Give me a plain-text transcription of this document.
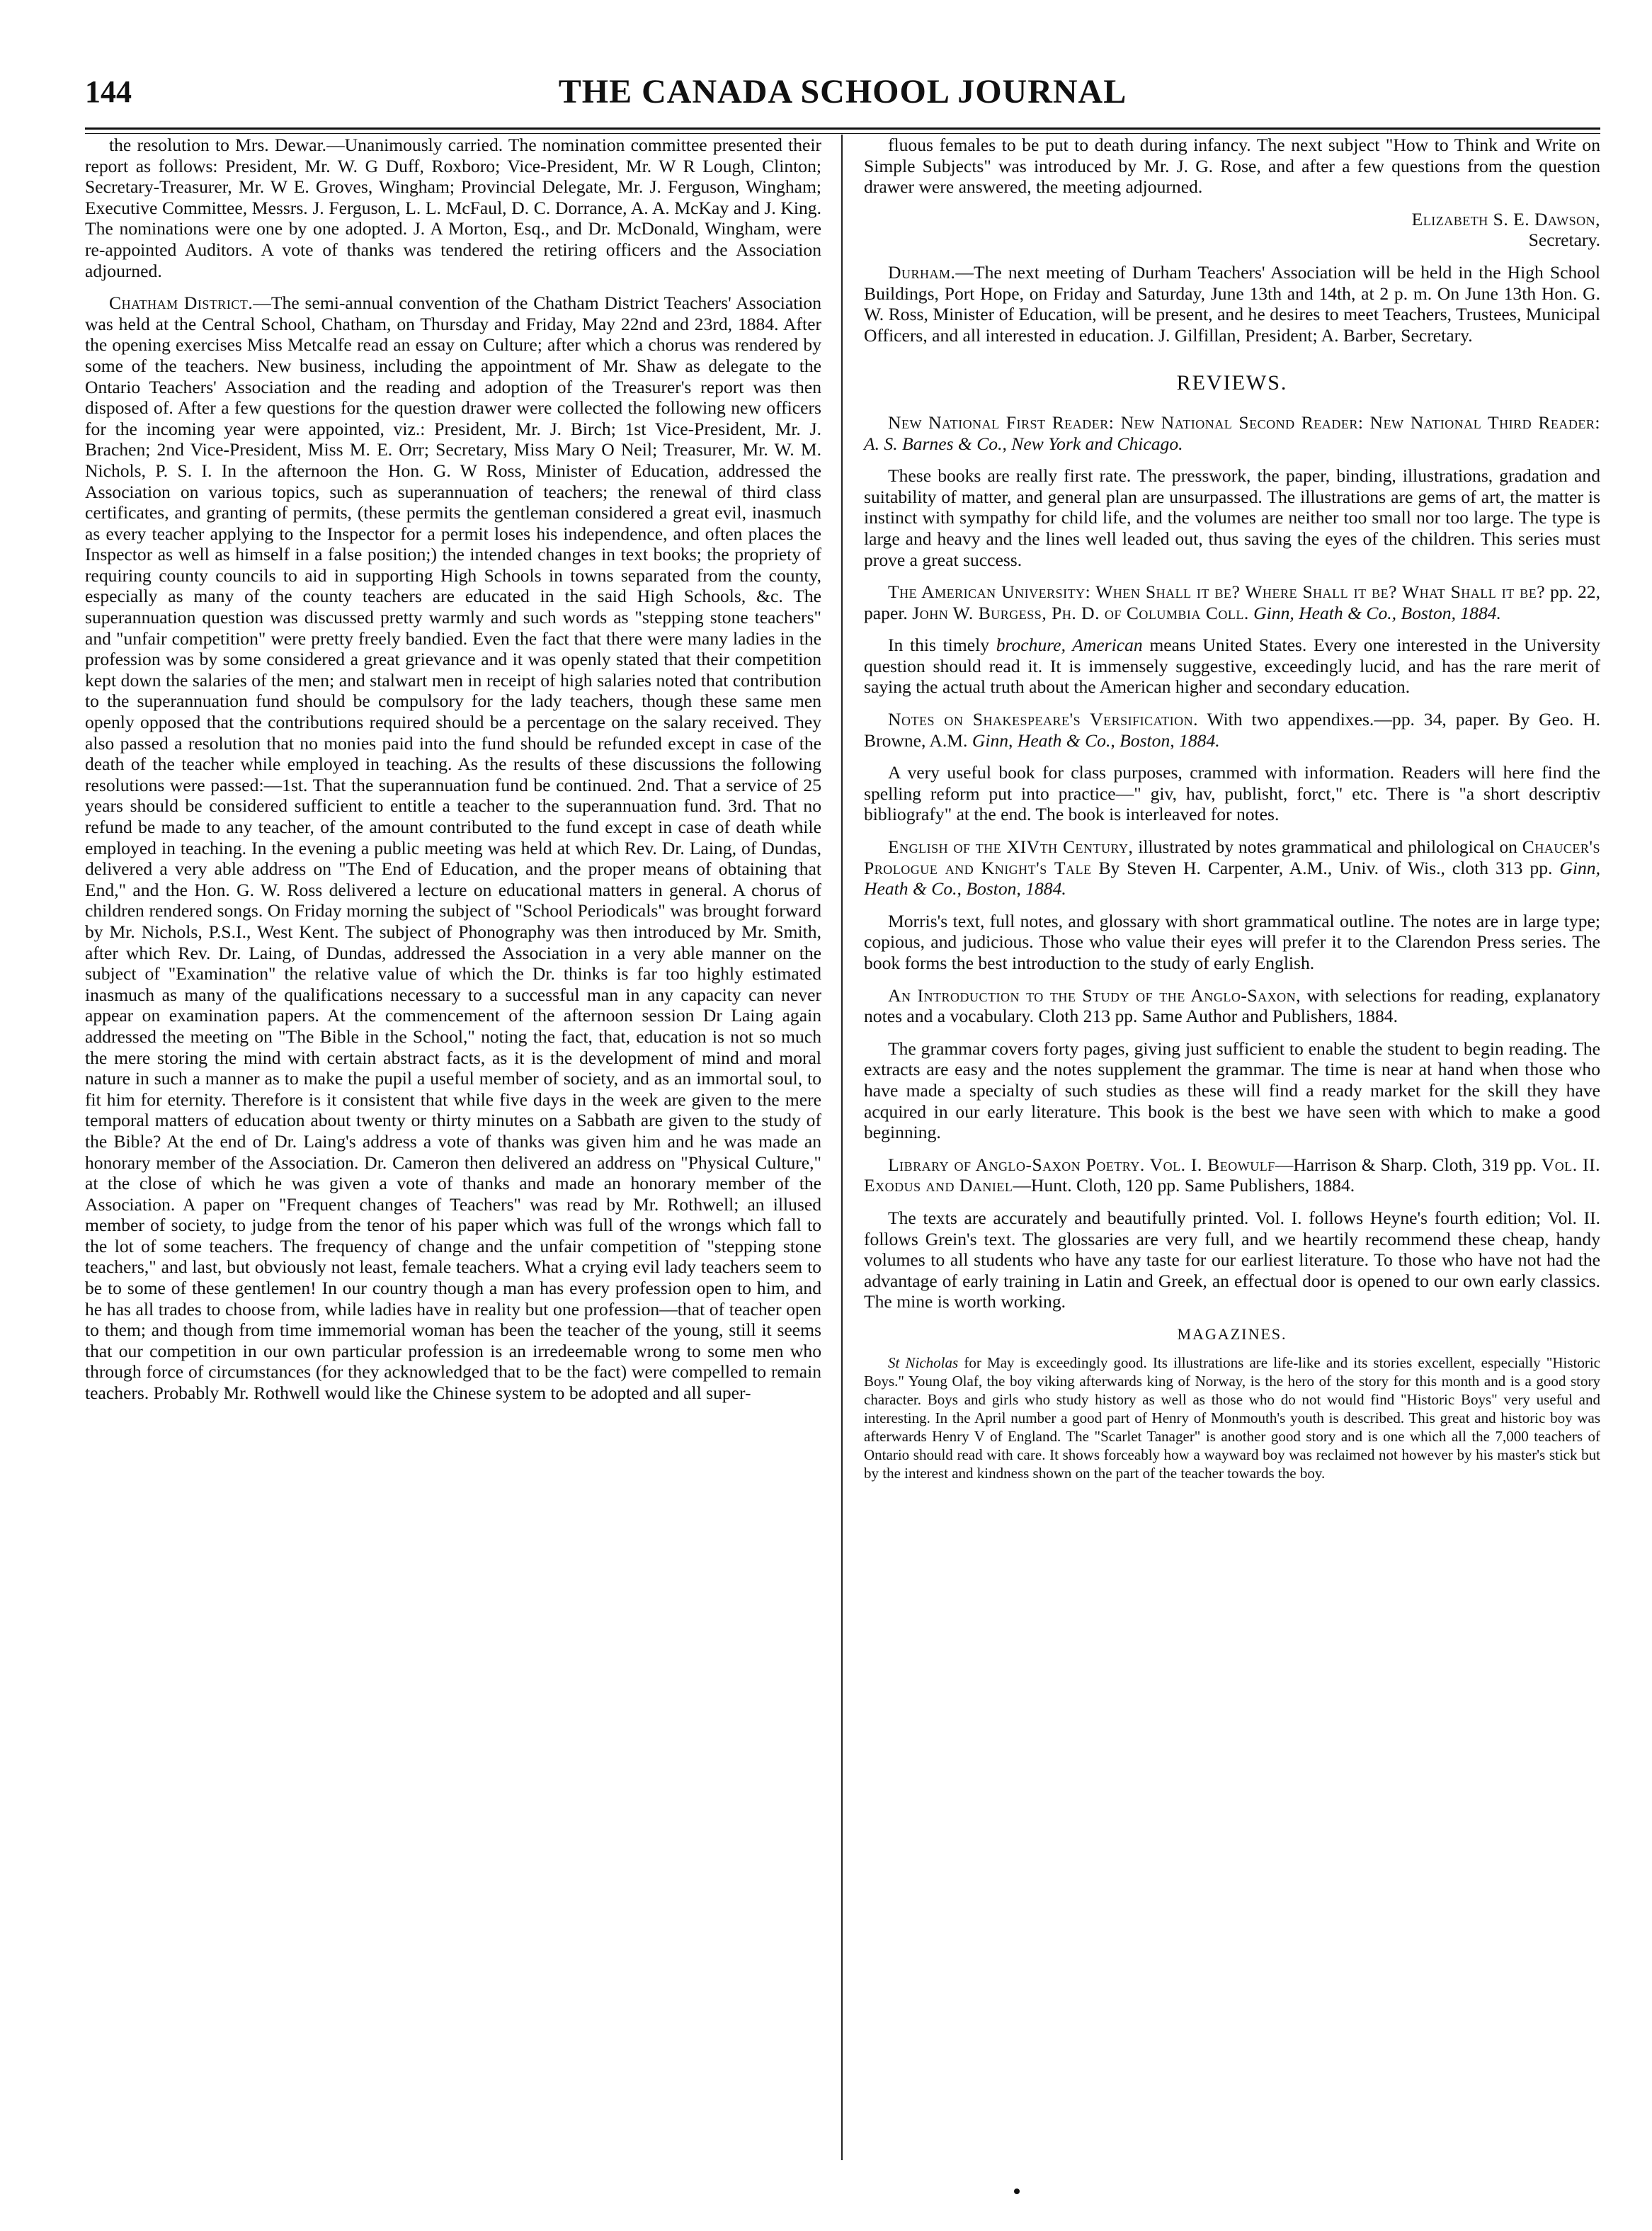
144	THE CANADA SCHOOL JOURNAL

the resolution to Mrs. Dewar.—Unanimously carried. The nomination committee presented their report as follows: President, Mr. W. G Duff, Roxboro; Vice-President, Mr. W R Lough, Clinton; Secretary-Treasurer, Mr. W E. Groves, Wingham; Provincial Delegate, Mr. J. Ferguson, Wingham; Executive Committee, Messrs. J. Ferguson, L. L. McFaul, D. C. Dorrance, A. A. McKay and J. King. The nominations were one by one adopted. J. A Morton, Esq., and Dr. McDonald, Wingham, were re-appointed Auditors. A vote of thanks was tendered the retiring officers and the Association adjourned.

Chatham District.—The semi-annual convention of the Chatham District Teachers' Association was held at the Central School, Chatham, on Thursday and Friday, May 22nd and 23rd, 1884. After the opening exercises Miss Metcalfe read an essay on Culture; after which a chorus was rendered by some of the teachers. New business, including the appointment of Mr. Shaw as delegate to the Ontario Teachers' Association and the reading and adoption of the Treasurer's report was then disposed of. After a few questions for the question drawer were collected the following new officers for the incoming year were appointed, viz.: President, Mr. J. Birch; 1st Vice-President, Mr. J. Brachen; 2nd Vice-President, Miss M. E. Orr; Secretary, Miss Mary O Neil; Treasurer, Mr. W. M. Nichols, P. S. I. In the afternoon the Hon. G. W Ross, Minister of Education, addressed the Association on various topics, such as superannuation of teachers; the renewal of third class certificates, and granting of permits, (these permits the gentleman considered a great evil, inasmuch as every teacher applying to the Inspector for a permit loses his independence, and often places the Inspector as well as himself in a false position;) the intended changes in text books; the propriety of requiring county councils to aid in supporting High Schools in towns separated from the county, especially as many of the county teachers are educated in the said High Schools, &c. The superannuation question was discussed pretty warmly and such words as "stepping stone teachers" and "unfair competition" were pretty freely bandied. Even the fact that there were many ladies in the profession was by some considered a great grievance and it was openly stated that their competition kept down the salaries of the men; and stalwart men in receipt of high salaries noted that contribution to the superannuation fund should be compulsory for the lady teachers, though these same men openly opposed that the contributions required should be a percentage on the salary received. They also passed a resolution that no monies paid into the fund should be refunded except in case of the death of the teacher while employed in teaching. As the results of these discussions the following resolutions were passed:—1st. That the superannuation fund be continued. 2nd. That a service of 25 years should be considered sufficient to entitle a teacher to the superannuation fund. 3rd. That no refund be made to any teacher, of the amount contributed to the fund except in case of death while employed in teaching. In the evening a public meeting was held at which Rev. Dr. Laing, of Dundas, delivered a very able address on "The End of Education, and the proper means of obtaining that End," and the Hon. G. W. Ross delivered a lecture on educational matters in general. A chorus of children rendered songs. On Friday morning the subject of "School Periodicals" was brought forward by Mr. Nichols, P.S.I., West Kent. The subject of Phonography was then introduced by Mr. Smith, after which Rev. Dr. Laing, of Dundas, addressed the Association in a very able manner on the subject of "Examination" the relative value of which the Dr. thinks is far too highly estimated inasmuch as many of the qualifications necessary to a successful man in any capacity can never appear on examination papers. At the commencement of the afternoon session Dr Laing again addressed the meeting on "The Bible in the School," noting the fact, that, education is not so much the mere storing the mind with certain abstract facts, as it is the development of mind and moral nature in such a manner as to make the pupil a useful member of society, and as an immortal soul, to fit him for eternity. Therefore is it consistent that while five days in the week are given to the mere temporal matters of education about twenty or thirty minutes on a Sabbath are given to the study of the Bible? At the end of Dr. Laing's address a vote of thanks was given him and he was made an honorary member of the Association. Dr. Cameron then delivered an address on "Physical Culture," at the close of which he was given a vote of thanks and made an honorary member of the Association. A paper on "Frequent changes of Teachers" was read by Mr. Rothwell; an illused member of society, to judge from the tenor of his paper which was full of the wrongs which fall to the lot of some teachers. The frequency of change and the unfair competition of "stepping stone teachers," and last, but obviously not least, female teachers. What a crying evil lady teachers seem to be to some of these gentlemen! In our country though a man has every profession open to him, and he has all trades to choose from, while ladies have in reality but one profession—that of teacher open to them; and though from time immemorial woman has been the teacher of the young, still it seems that our competition in our own particular profession is an irredeemable wrong to some men who through force of circumstances (for they acknowledged that to be the fact) were compelled to remain teachers. Probably Mr. Rothwell would like the Chinese system to be adopted and all super-

fluous females to be put to death during infancy. The next subject "How to Think and Write on Simple Subjects" was introduced by Mr. J. G. Rose, and after a few questions from the question drawer were answered, the meeting adjourned.

Elizabeth S. E. Dawson,
Secretary.

Durham.—The next meeting of Durham Teachers' Association will be held in the High School Buildings, Port Hope, on Friday and Saturday, June 13th and 14th, at 2 p. m. On June 13th Hon. G. W. Ross, Minister of Education, will be present, and he desires to meet Teachers, Trustees, Municipal Officers, and all interested in education. J. Gilfillan, President; A. Barber, Secretary.

REVIEWS.

New National First Reader: New National Second Reader: New National Third Reader: A. S. Barnes & Co., New York and Chicago.

These books are really first rate. The presswork, the paper, binding, illustrations, gradation and suitability of matter, and general plan are unsurpassed. The illustrations are gems of art, the matter is instinct with sympathy for child life, and the volumes are neither too small nor too large. The type is large and heavy and the lines well leaded out, thus saving the eyes of the children. This series must prove a great success.

The American University: When Shall it be? Where Shall it be? What Shall it be? pp. 22, paper. John W. Burgess, Ph. D. of Columbia Coll. Ginn, Heath & Co., Boston, 1884.

In this timely brochure, American means United States. Every one interested in the University question should read it. It is immensely suggestive, exceedingly lucid, and has the rare merit of saying the actual truth about the American higher and secondary education.

Notes on Shakespeare's Versification. With two appendixes.—pp. 34, paper. By Geo. H. Browne, A.M. Ginn, Heath & Co., Boston, 1884.

A very useful book for class purposes, crammed with information. Readers will here find the spelling reform put into practice—" giv, hav, publisht, forct," etc. There is "a short descriptiv bibliografy" at the end. The book is interleaved for notes.

English of the XIVth Century, illustrated by notes grammatical and philological on Chaucer's Prologue and Knight's Tale By Steven H. Carpenter, A.M., Univ. of Wis., cloth 313 pp. Ginn, Heath & Co., Boston, 1884.

Morris's text, full notes, and glossary with short grammatical outline. The notes are in large type; copious, and judicious. Those who value their eyes will prefer it to the Clarendon Press series. The book forms the best introduction to the study of early English.

An Introduction to the Study of the Anglo-Saxon, with selections for reading, explanatory notes and a vocabulary. Cloth 213 pp. Same Author and Publishers, 1884.

The grammar covers forty pages, giving just sufficient to enable the student to begin reading. The extracts are easy and the notes supplement the grammar. The time is near at hand when those who have made a specialty of such studies as these will find a ready market for the skill they have acquired in our early literature. This book is the best we have seen with which to make a good beginning.

Library of Anglo-Saxon Poetry. Vol. I. Beowulf—Harrison & Sharp. Cloth, 319 pp. Vol. II. Exodus and Daniel—Hunt. Cloth, 120 pp. Same Publishers, 1884.

The texts are accurately and beautifully printed. Vol. I. follows Heyne's fourth edition; Vol. II. follows Grein's text. The glossaries are very full, and we heartily recommend these cheap, handy volumes to all students who have any taste for our earliest literature. To those who have not had the advantage of early training in Latin and Greek, an effectual door is opened to our own early classics. The mine is worth working.

MAGAZINES.

St Nicholas for May is exceedingly good. Its illustrations are life-like and its stories excellent, especially "Historic Boys." Young Olaf, the boy viking afterwards king of Norway, is the hero of the story for this month and is a good story character. Boys and girls who study history as well as those who do not would find "Historic Boys" very useful and interesting. In the April number a good part of Henry of Monmouth's youth is described. This great and historic boy was afterwards Henry V of England. The "Scarlet Tanager" is another good story and is one which all the 7,000 teachers of Ontario should read with care. It shows forceably how a wayward boy was reclaimed not however by his master's stick but by the interest and kindness shown on the part of the teacher towards the boy.
